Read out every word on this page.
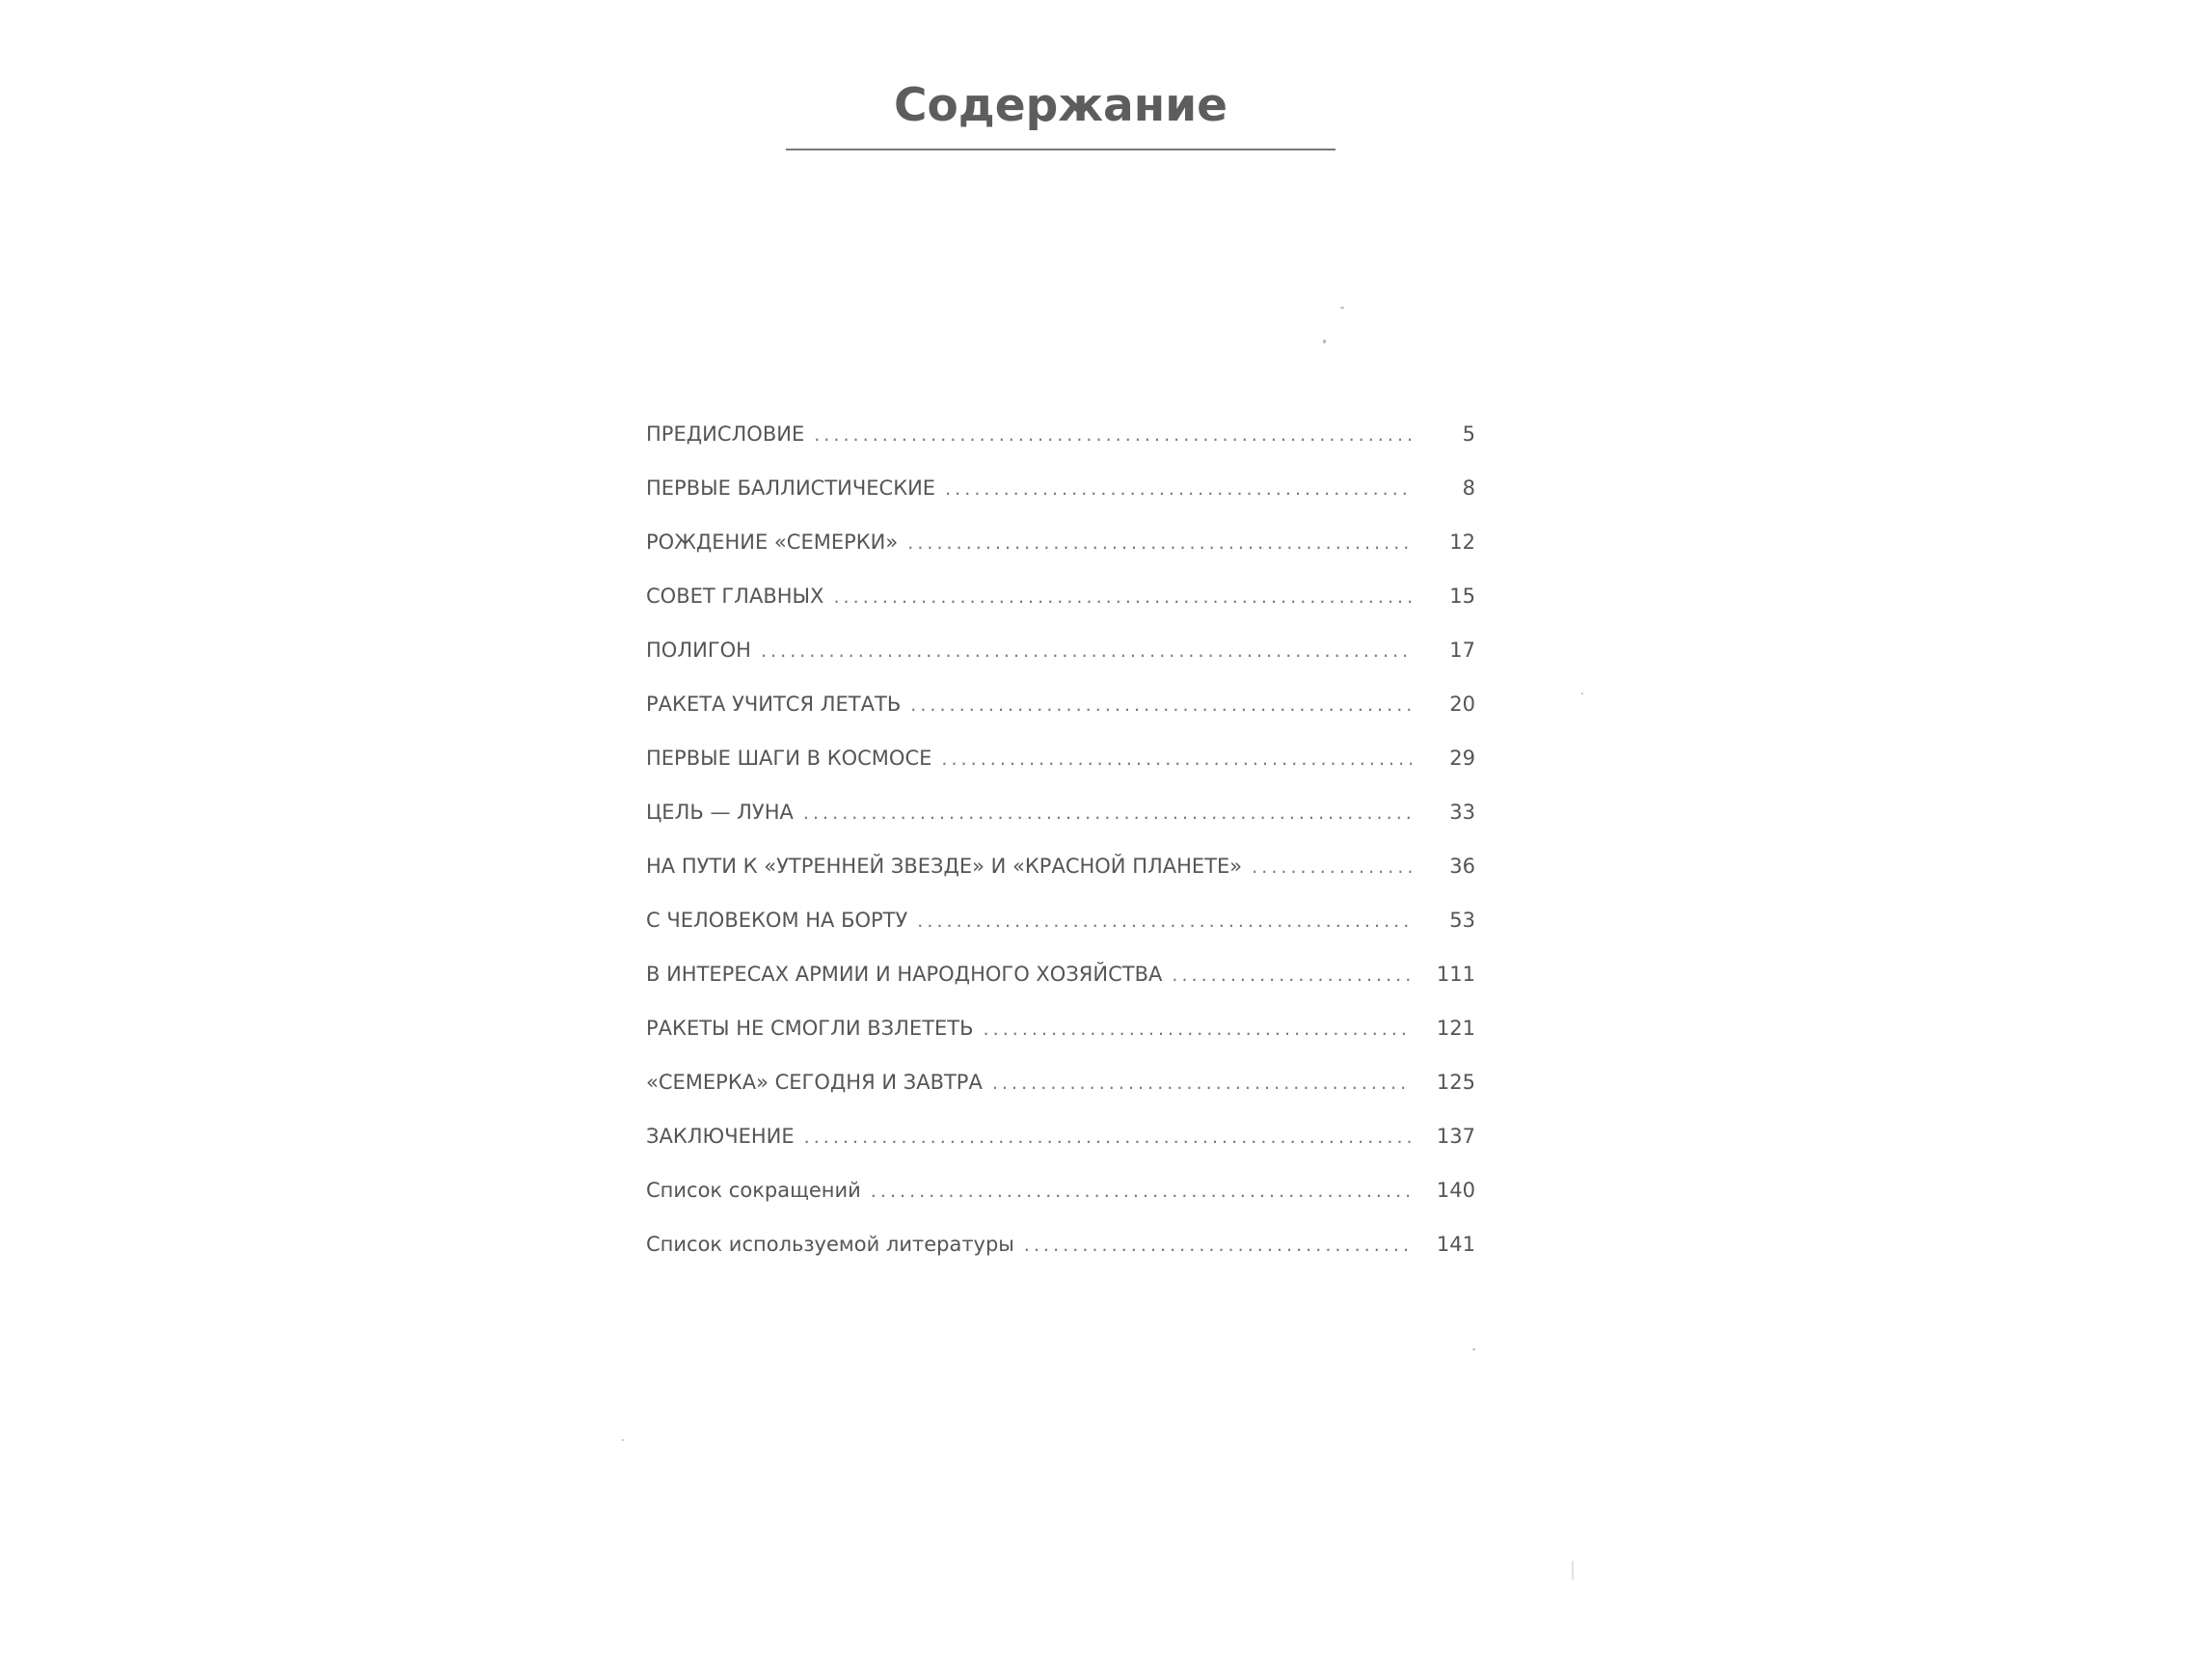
Содержание
ПРЕДИСЛОВИЕ . . .	5
ПЕРВЫЕ БАЛЛИСТИЧЕСКИЕ . . .	8
РОЖДЕНИЕ «СЕМЕРКИ» . . .	12
СОВЕТ ГЛАВНЫХ . . .	15
ПОЛИГОН . . .	17
РАКЕТА УЧИТСЯ ЛЕТАТЬ . . .	20
ПЕРВЫЕ ШАГИ В КОСМОСЕ . . .	29
ЦЕЛЬ — ЛУНА . . .	33
НА ПУТИ К «УТРЕННЕЙ ЗВЕЗДЕ» И «КРАСНОЙ ПЛАНЕТЕ» . . .	36
С ЧЕЛОВЕКОМ НА БОРТУ . . .	53
В ИНТЕРЕСАХ АРМИИ И НАРОДНОГО ХОЗЯЙСТВА . . .	111
РАКЕТЫ НЕ СМОГЛИ ВЗЛЕТЕТЬ . . .	121
«СЕМЕРКА» СЕГОДНЯ И ЗАВТРА . . .	125
ЗАКЛЮЧЕНИЕ . . .	137
Список сокращений . . .	140
Список используемой литературы . . .	141
